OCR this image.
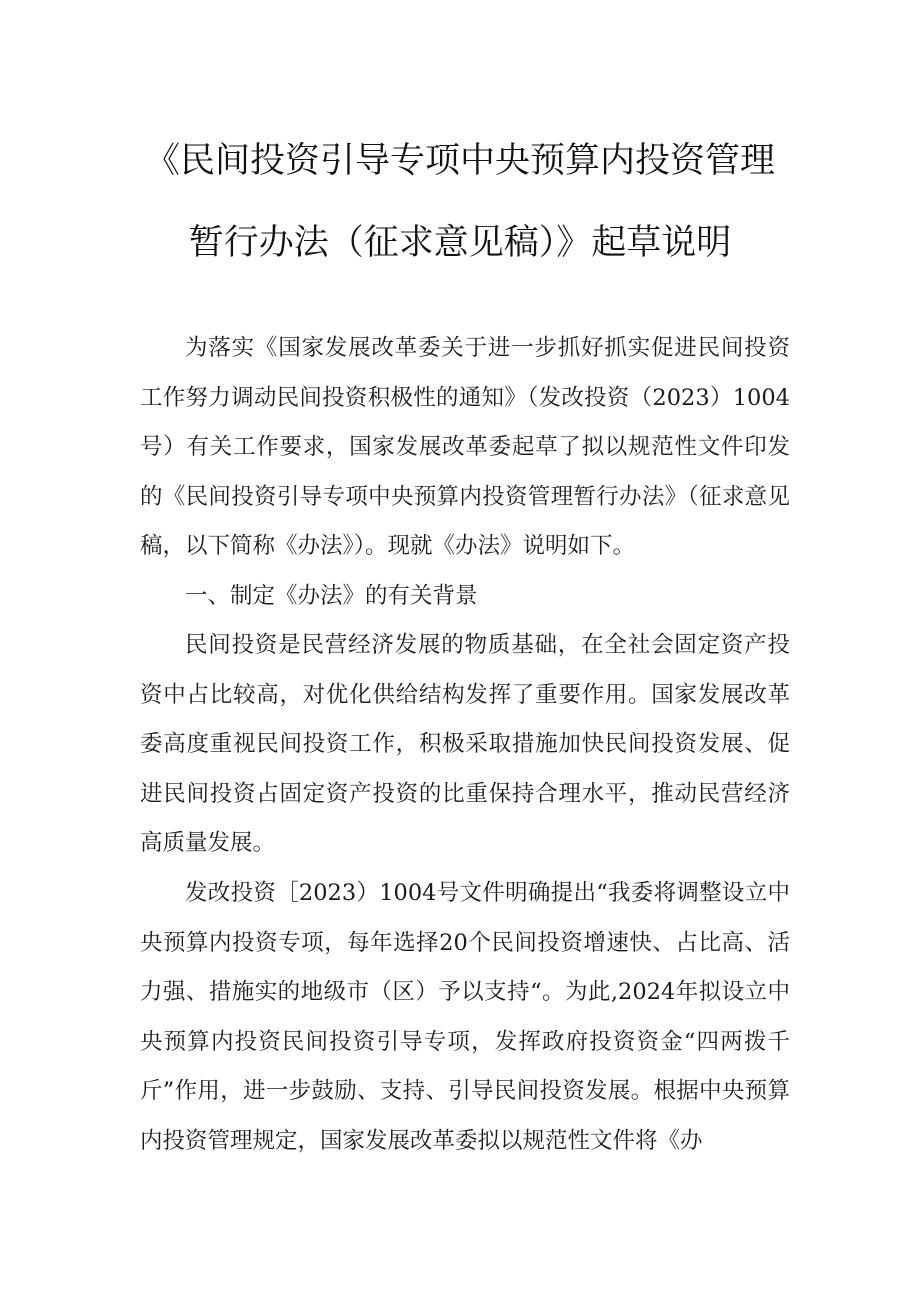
《民间投资引导专项中央预算内投资管理
暂行办法（征求意见稿）》起草说明

为落实《国家发展改革委关于进一步抓好抓实促进民间投资工作努力调动民间投资积极性的通知》（发改投资（2023）1004号）有关工作要求，国家发展改革委起草了拟以规范性文件印发的《民间投资引导专项中央预算内投资管理暂行办法》（征求意见稿，以下简称《办法》）。现就《办法》说明如下。

一、制定《办法》的有关背景

民间投资是民营经济发展的物质基础，在全社会固定资产投资中占比较高，对优化供给结构发挥了重要作用。国家发展改革委高度重视民间投资工作，积极采取措施加快民间投资发展、促进民间投资占固定资产投资的比重保持合理水平，推动民营经济高质量发展。

发改投资［2023）1004号文件明确提出“我委将调整设立中央预算内投资专项，每年选择20个民间投资增速快、占比高、活力强、措施实的地级市（区）予以支持“。为此,2024年拟设立中央预算内投资民间投资引导专项，发挥政府投资资金“四两拨千斤”作用，进一步鼓励、支持、引导民间投资发展。根据中央预算内投资管理规定，国家发展改革委拟以规范性文件将《办
